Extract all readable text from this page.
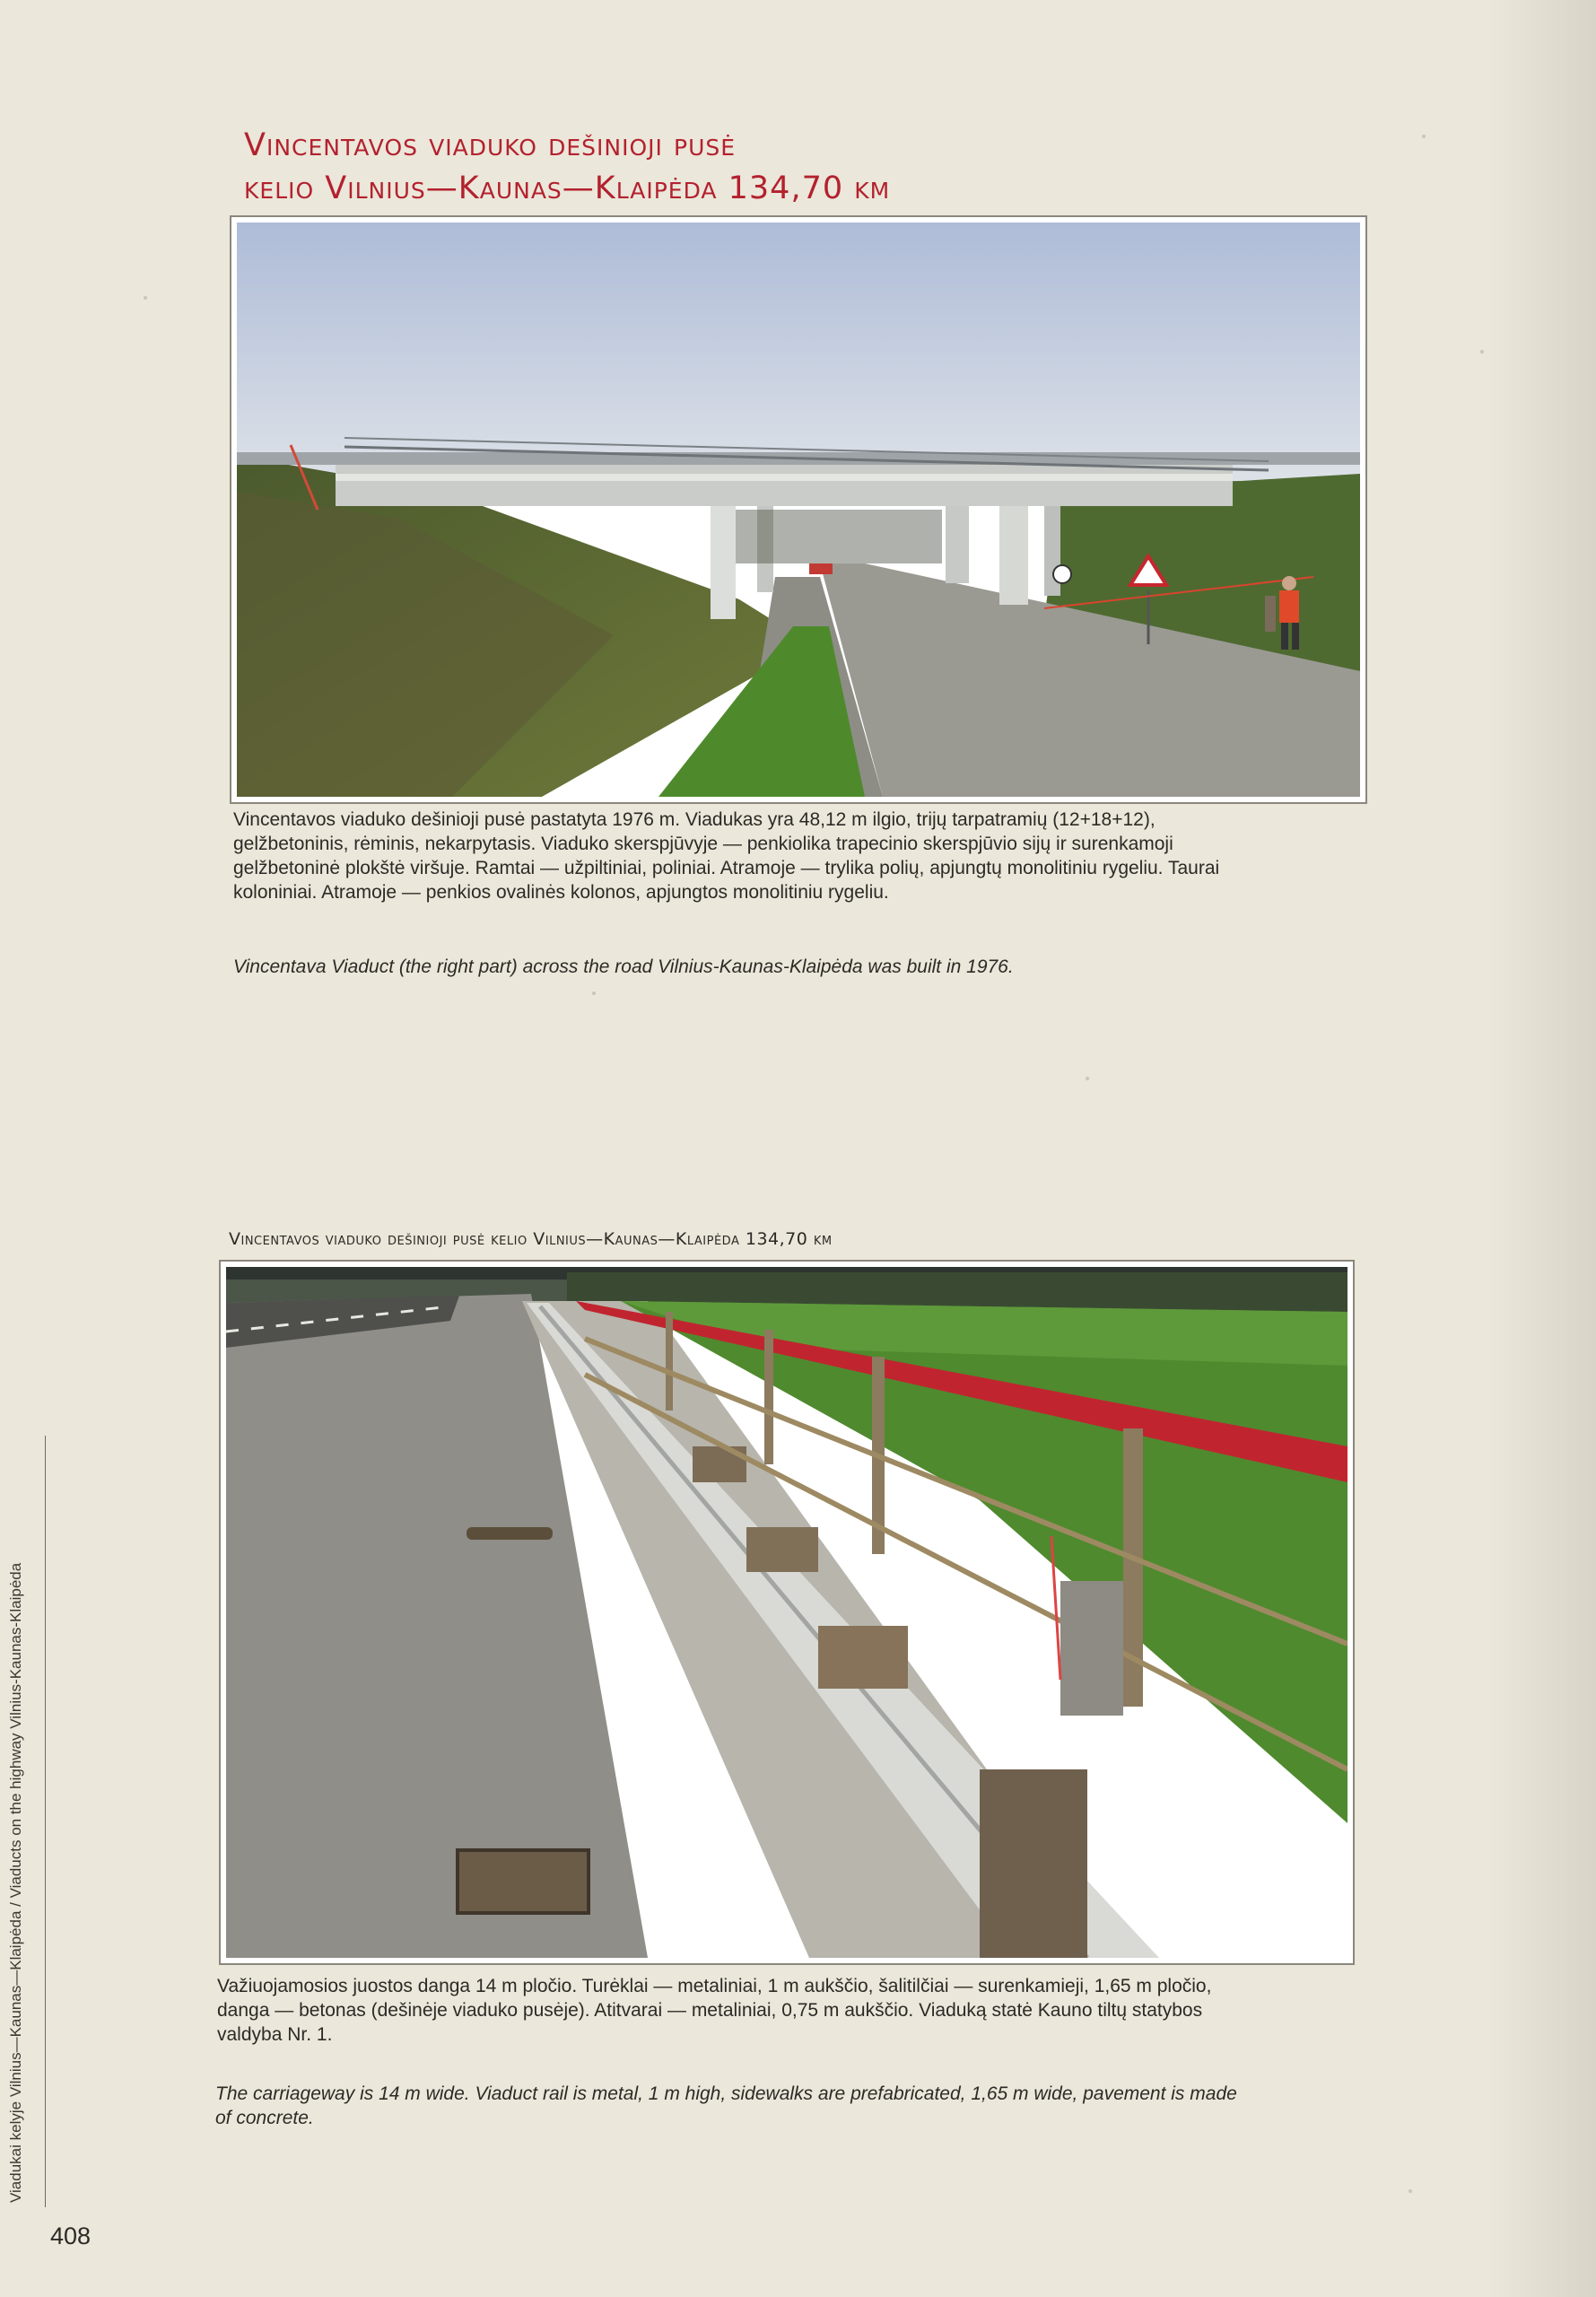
Vincentavos viaduko dešinioji pusė
kelio Vilnius—Kaunas—Klaipėda 134,70 km
Vincentavos viaduko dešinioji pusė pastatyta 1976 m. Viadukas yra 48,12 m ilgio, trijų tarpatramių (12+18+12),
gelžbetoninis, rėminis, nekarpytasis. Viaduko skerspjūvyje — penkiolika trapecinio skerspjūvio sijų ir surenkamoji
gelžbetoninė plokštė viršuje. Ramtai — užpiltiniai, poliniai. Atramoje — trylika polių, apjungtų monolitiniu rygeliu. Taurai
koloniniai. Atramoje — penkios ovalinės kolonos, apjungtos monolitiniu rygeliu.
Vincentava Viaduct (the right part) across the road Vilnius-Kaunas-Klaipėda was built in 1976.
Vincentavos viaduko dešinioji pusė kelio Vilnius—Kaunas—Klaipėda 134,70 km
Važiuojamosios juostos danga 14 m pločio. Turėklai — metaliniai, 1 m aukščio, šalitilčiai — surenkamieji, 1,65 m pločio,
danga — betonas (dešinėje viaduko pusėje). Atitvarai — metaliniai, 0,75 m aukščio. Viaduką statė Kauno tiltų statybos
valdyba Nr. 1.
The carriageway is 14 m wide. Viaduct rail is metal, 1 m high, sidewalks are prefabricated, 1,65 m wide, pavement is made
of concrete.
Viadukai kelyje Vilnius—Kaunas—Klaipėda / Viaducts on the highway Vilnius-Kaunas-Klaipėda
408
